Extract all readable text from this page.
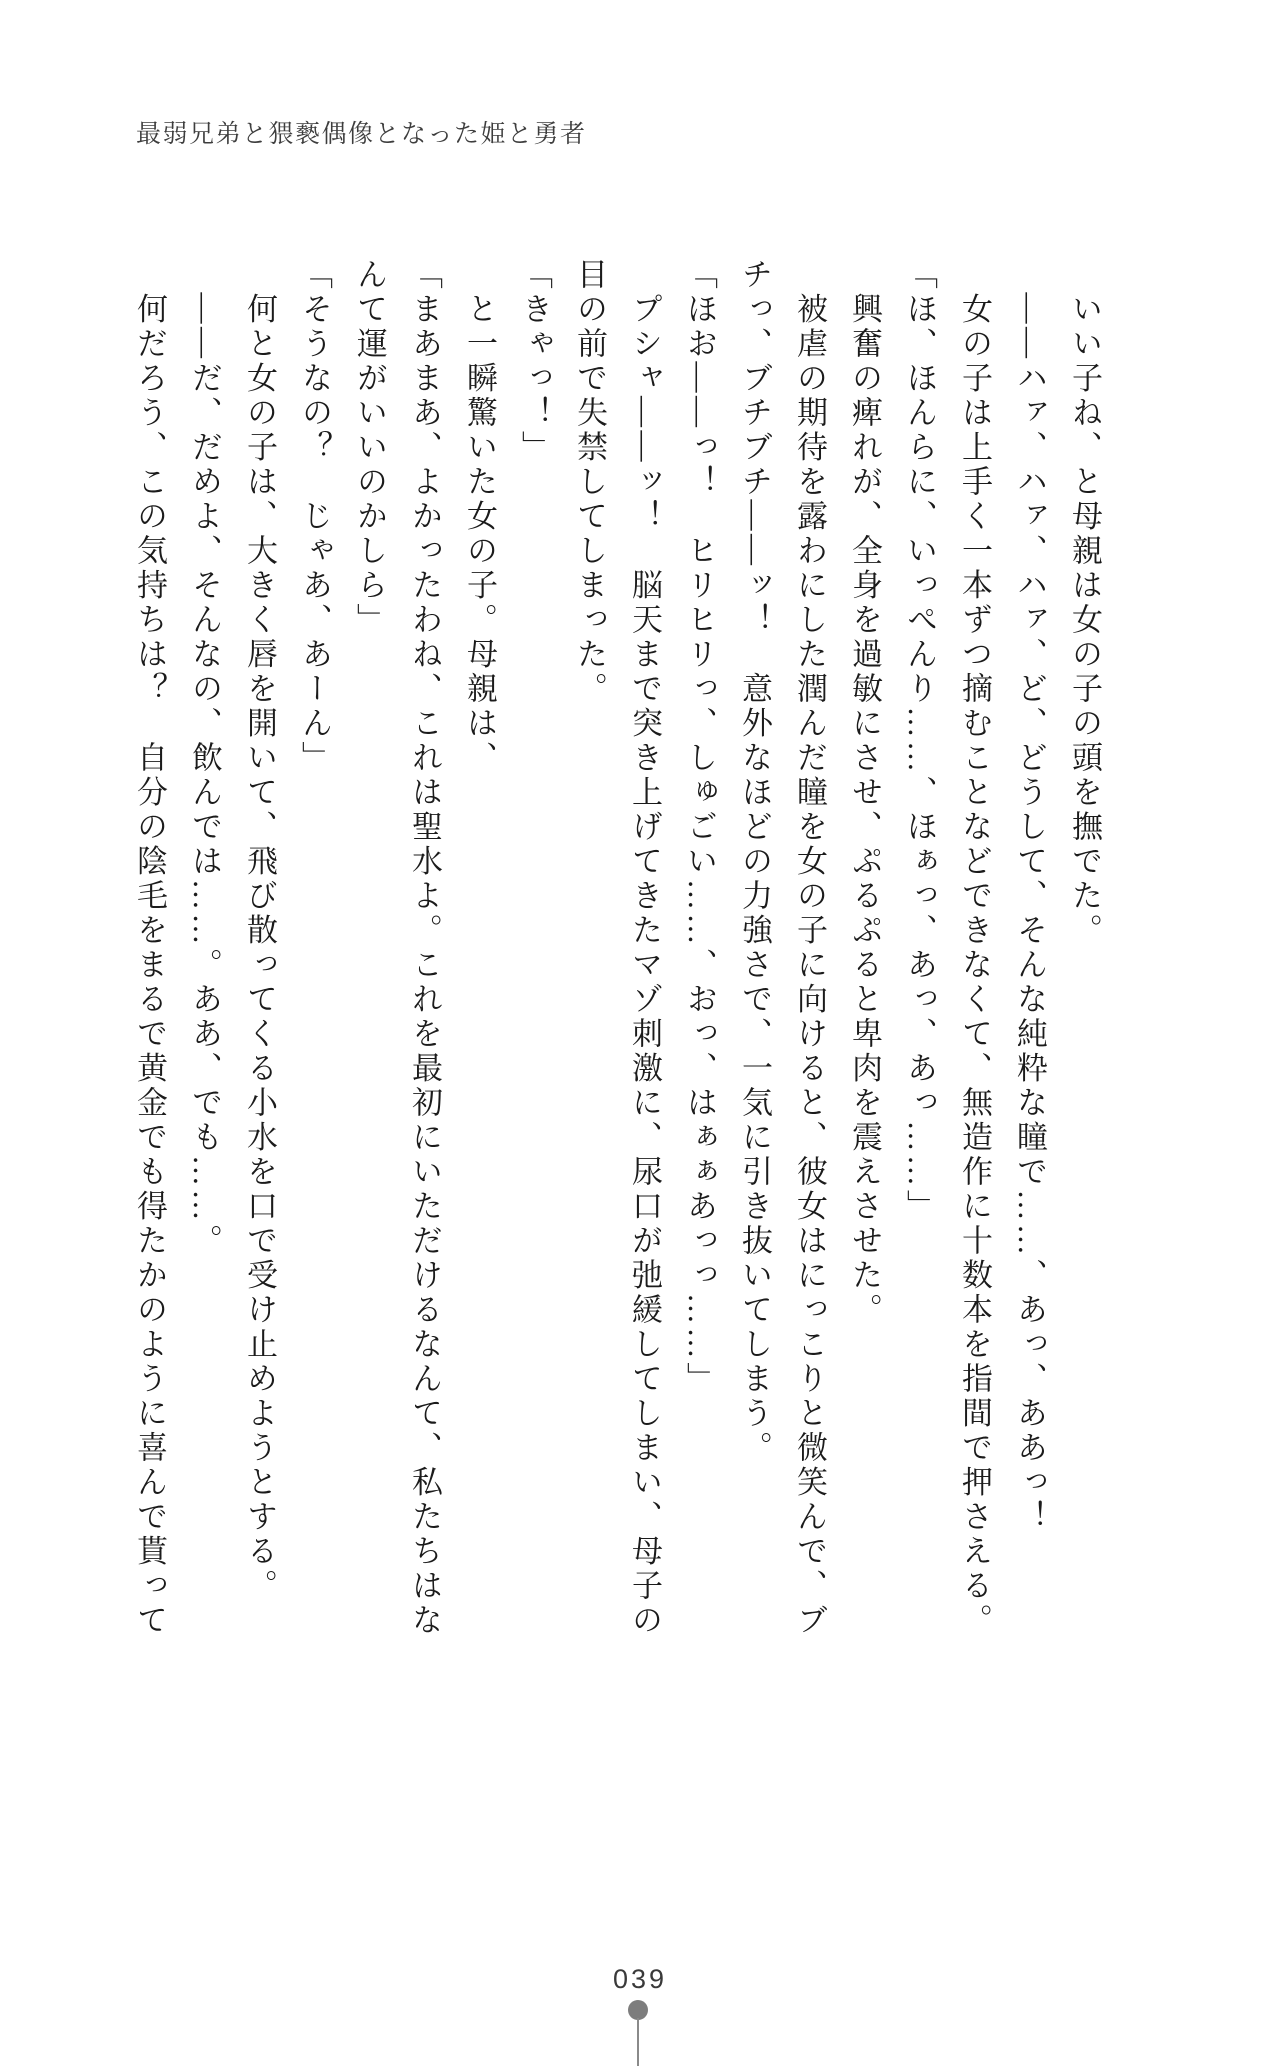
最弱兄弟と猥褻偶像となった姫と勇者

　いい子ね、と母親は女の子の頭を撫でた。

　――ハァ、ハァ、ハァ、ど、どうして、そんな純粋な瞳で……、あっ、ああっ！

　女の子は上手く一本ずつ摘むことなどできなくて、無造作に十数本を指間で押さえる。

「ほ、ほんらに、いっぺんり……、ほぁっ、あっ、あっ……」

　興奮の痺れが、全身を過敏にさせ、ぷるぷると卑肉を震えさせた。

　被虐の期待を露わにした潤んだ瞳を女の子に向けると、彼女はにっこりと微笑んで、ブチっ、ブチブチ――ッ！　意外なほどの力強さで、一気に引き抜いてしまう。

「ほお――っ！　ヒリヒリっ、しゅごい……、おっ、はぁぁあっっ……」

　プシャ――ッ！　脳天まで突き上げてきたマゾ刺激に、尿口が弛緩してしまい、母子の目の前で失禁してしまった。

「きゃっ！」

　と一瞬驚いた女の子。母親は、

「まあまあ、よかったわね、これは聖水よ。これを最初にいただけるなんて、私たちはなんて運がいいのかしら」

「そうなの？　じゃあ、あーん」

　何と女の子は、大きく唇を開いて、飛び散ってくる小水を口で受け止めようとする。

　――だ、だめよ、そんなの、飲んでは……。ああ、でも……。

　何だろう、この気持ちは？　自分の陰毛をまるで黄金でも得たかのように喜んで貰って

039
